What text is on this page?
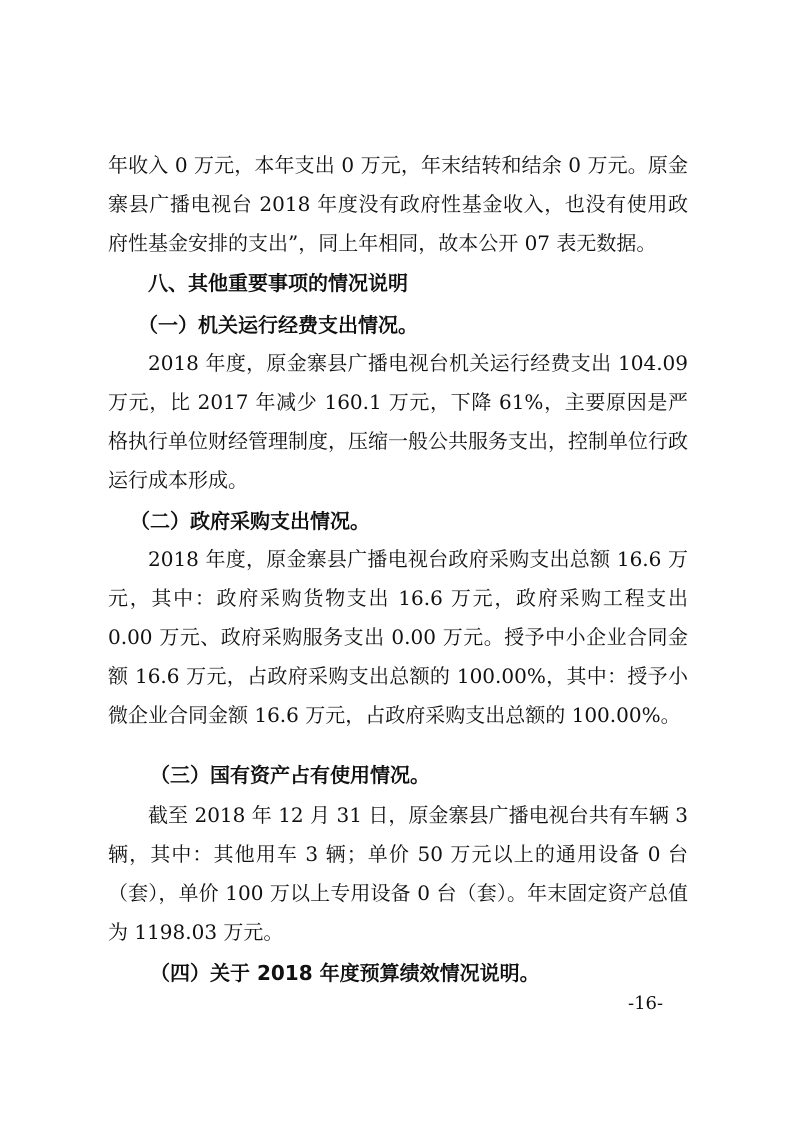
年收入 0 万元，本年支出 0 万元，年末结转和结余 0 万元。原金寨县广播电视台 2018 年度没有政府性基金收入，也没有使用政府性基金安排的支出”，同上年相同，故本公开 07 表无数据。

八、其他重要事项的情况说明

（一）机关运行经费支出情况。

2018 年度，原金寨县广播电视台机关运行经费支出 104.09 万元，比 2017 年减少 160.1 万元，下降 61%，主要原因是严格执行单位财经管理制度，压缩一般公共服务支出，控制单位行政运行成本形成。

（二）政府采购支出情况。

2018 年度，原金寨县广播电视台政府采购支出总额 16.6 万元，其中：政府采购货物支出 16.6 万元，政府采购工程支出 0.00 万元、政府采购服务支出 0.00 万元。授予中小企业合同金额 16.6 万元，占政府采购支出总额的 100.00%，其中：授予小微企业合同金额 16.6 万元，占政府采购支出总额的 100.00%。

（三）国有资产占有使用情况。

截至 2018 年 12 月 31 日，原金寨县广播电视台共有车辆 3 辆，其中：其他用车 3 辆；单价 50 万元以上的通用设备 0 台（套），单价 100 万以上专用设备 0 台（套）。年末固定资产总值为 1198.03 万元。

（四）关于 2018 年度预算绩效情况说明。

-16-
